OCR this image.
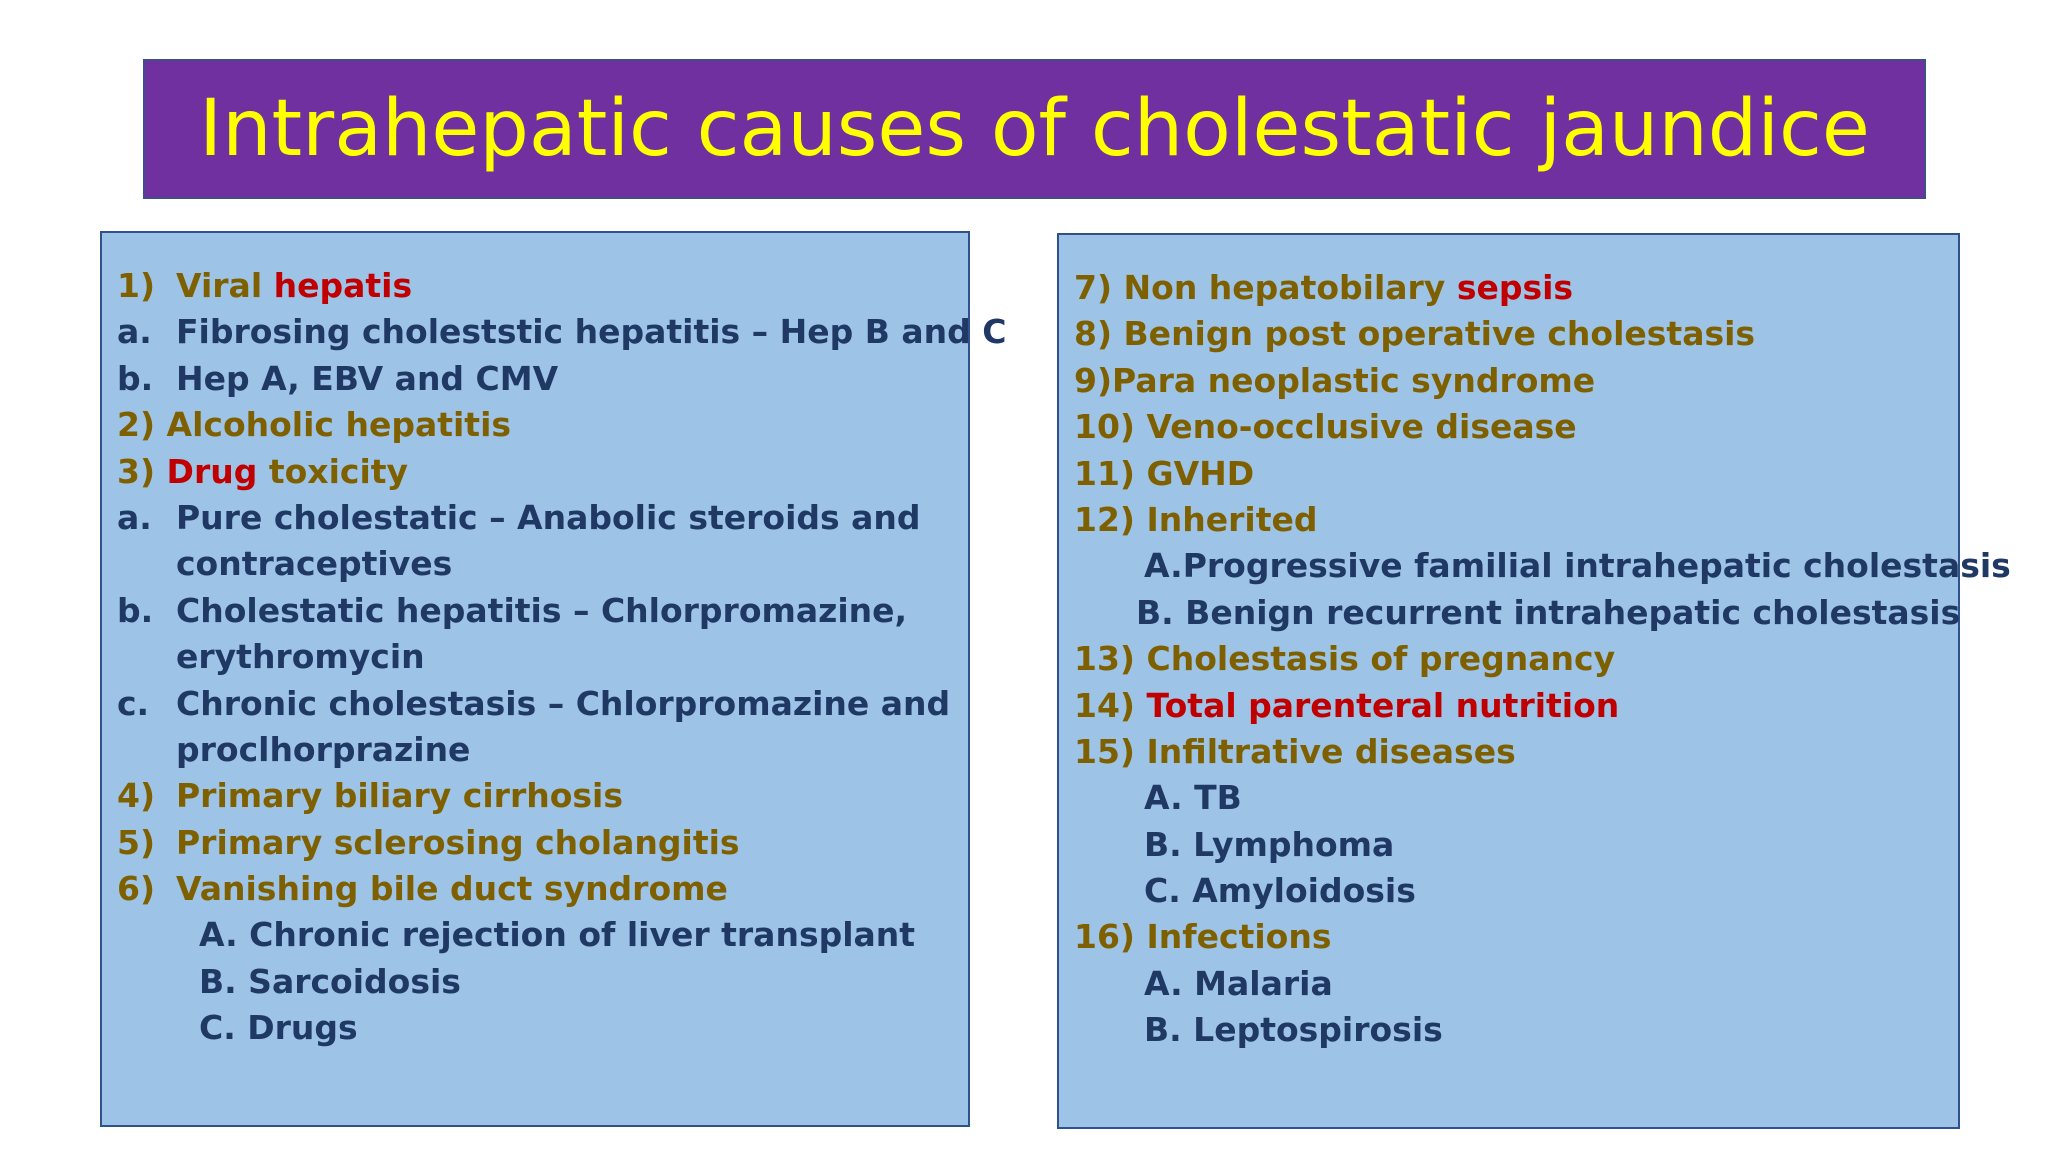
Intrahepatic causes of cholestatic jaundice
1) Viral hepatis
a. Fibrosing choleststic hepatitis – Hep B and C
b. Hep A, EBV and CMV
2) Alcoholic hepatitis
3) Drug toxicity
a. Pure cholestatic – Anabolic steroids and
contraceptives
b. Cholestatic hepatitis – Chlorpromazine,
erythromycin
c. Chronic cholestasis – Chlorpromazine and
proclhorprazine
4) Primary biliary cirrhosis
5) Primary sclerosing cholangitis
6) Vanishing bile duct syndrome
A. Chronic rejection of liver transplant
B. Sarcoidosis
C. Drugs
7) Non hepatobilary sepsis
8) Benign post operative cholestasis
9)Para neoplastic syndrome
10) Veno-occlusive disease
11) GVHD
12) Inherited
A.Progressive familial intrahepatic cholestasis
B. Benign recurrent intrahepatic cholestasis
13) Cholestasis of pregnancy
14) Total parenteral nutrition
15) Infiltrative diseases
A. TB
B. Lymphoma
C. Amyloidosis
16) Infections
A. Malaria
B. Leptospirosis
